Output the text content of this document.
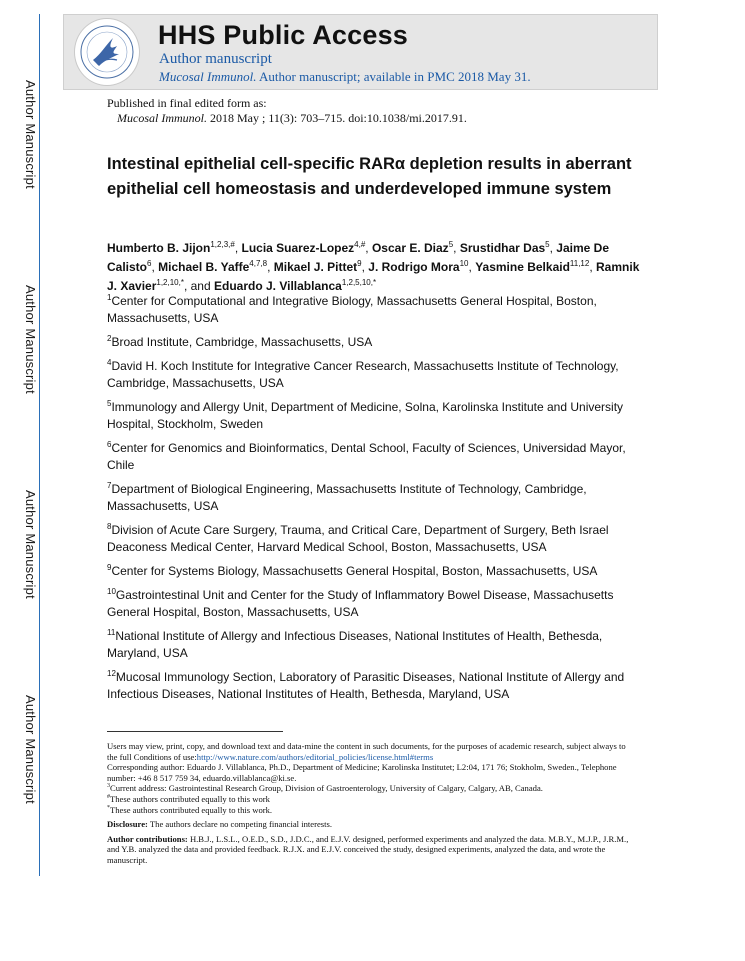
Author Manuscript
Author Manuscript
Author Manuscript
Author Manuscript
HHS Public Access
Author manuscript
Mucosal Immunol. Author manuscript; available in PMC 2018 May 31.
Published in final edited form as:
Mucosal Immunol. 2018 May ; 11(3): 703–715. doi:10.1038/mi.2017.91.
Intestinal epithelial cell-specific RARα depletion results in aberrant epithelial cell homeostasis and underdeveloped immune system
Humberto B. Jijon$^{1,2,3,\#}$, Lucia Suarez-Lopez$^{4,\#}$, Oscar E. Diaz$^5$, Srustidhar Das$^5$, Jaime De Calisto$^6$, Michael B. Yaffe$^{4,7,8}$, Mikael J. Pittet$^9$, J. Rodrigo Mora$^{10}$, Yasmine Belkaid$^{11,12}$, Ramnik J. Xavier$^{1,2,10,*}$, and Eduardo J. Villablanca$^{1,2,5,10,*}$
$^1$Center for Computational and Integrative Biology, Massachusetts General Hospital, Boston, Massachusetts, USA
$^2$Broad Institute, Cambridge, Massachusetts, USA
$^4$David H. Koch Institute for Integrative Cancer Research, Massachusetts Institute of Technology, Cambridge, Massachusetts, USA
$^5$Immunology and Allergy Unit, Department of Medicine, Solna, Karolinska Institute and University Hospital, Stockholm, Sweden
$^6$Center for Genomics and Bioinformatics, Dental School, Faculty of Sciences, Universidad Mayor, Chile
$^7$Department of Biological Engineering, Massachusetts Institute of Technology, Cambridge, Massachusetts, USA
$^8$Division of Acute Care Surgery, Trauma, and Critical Care, Department of Surgery, Beth Israel Deaconess Medical Center, Harvard Medical School, Boston, Massachusetts, USA
$^9$Center for Systems Biology, Massachusetts General Hospital, Boston, Massachusetts, USA
$^{10}$Gastrointestinal Unit and Center for the Study of Inflammatory Bowel Disease, Massachusetts General Hospital, Boston, Massachusetts, USA
$^{11}$National Institute of Allergy and Infectious Diseases, National Institutes of Health, Bethesda, Maryland, USA
$^{12}$Mucosal Immunology Section, Laboratory of Parasitic Diseases, National Institute of Allergy and Infectious Diseases, National Institutes of Health, Bethesda, Maryland, USA

Users may view, print, copy, and download text and data-mine the content in such documents, for the purposes of academic research, subject always to the full Conditions of use:http://www.nature.com/authors/editorial_policies/license.html#terms

Corresponding author: Eduardo J. Villablanca, Ph.D., Department of Medicine; Karolinska Institutet; L2:04, 171 76; Stokholm, Sweden., Telephone number: +46 8 517 759 34, eduardo.villablanca@ki.se.

$^3$Current address: Gastrointestinal Research Group, Division of Gastroenterology, University of Calgary, Calgary, AB, Canada.

#These authors contributed equally to this work

*These authors contributed equally to this work.

Disclosure: The authors declare no competing financial interests.

Author contributions: H.B.J., L.S.L., O.E.D., S.D., J.D.C., and E.J.V. designed, performed experiments and analyzed the data. M.B.Y., M.J.P., J.R.M., and Y.B. analyzed the data and provided feedback. R.J.X. and E.J.V. conceived the study, designed experiments, analyzed the data, and wrote the manuscript.
